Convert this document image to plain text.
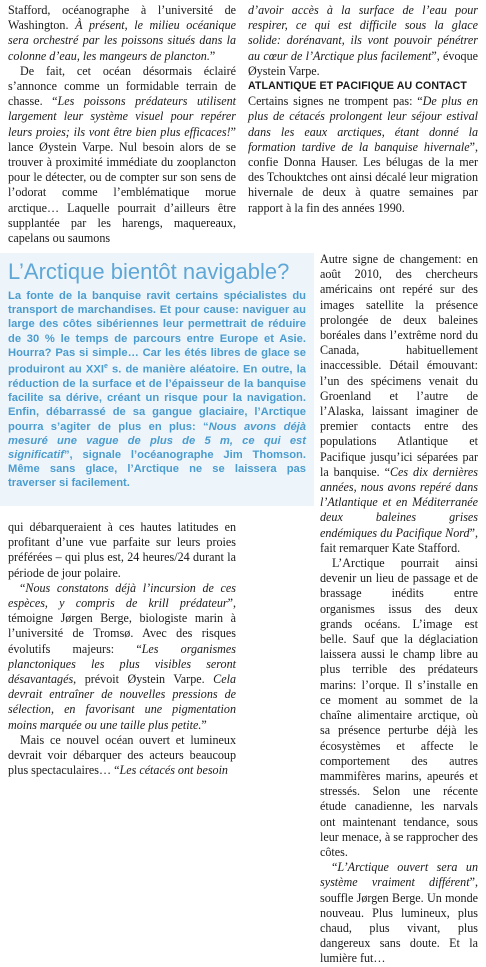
Stafford, océanographe à l’université de Washington. À présent, le milieu océanique sera orchestré par les poissons situés dans la colonne d’eau, les mangeurs de plancton.”

De fait, cet océan désormais éclairé s’annonce comme un formidable terrain de chasse. “Les poissons prédateurs utilisent largement leur système visuel pour repérer leurs proies; ils vont être bien plus efficaces!” lance Øystein Varpe. Nul besoin alors de se trouver à proximité immédiate du zooplancton pour le détecter, ou de compter sur son sens de l’odorat comme l’emblématique morue arctique… Laquelle pourrait d’ailleurs être supplantée par les harengs, maquereaux, capelans ou saumons

d’avoir accès à la surface de l’eau pour respirer, ce qui est difficile sous la glace solide: dorénavant, ils vont pouvoir pénétrer au cœur de l’Arctique plus facilement”, évoque Øystein Varpe.

ATLANTIQUE ET PACIFIQUE AU CONTACT

Certains signes ne trompent pas: “De plus en plus de cétacés prolongent leur séjour estival dans les eaux arctiques, étant donné la formation tardive de la banquise hivernale”, confie Donna Hauser. Les bélugas de la mer des Tchouktches ont ainsi décalé leur migration hivernale de deux à quatre semaines par rapport à la fin des années 1990.

L’Arctique bientôt navigable?

La fonte de la banquise ravit certains spécialistes du transport de marchandises. Et pour cause: naviguer au large des côtes sibériennes leur permettrait de réduire de 30 % le temps de parcours entre Europe et Asie. Hourra? Pas si simple… Car les étés libres de glace se produiront au XXIe s. de manière aléatoire. En outre, la réduction de la surface et de l’épaisseur de la banquise facilite sa dérive, créant un risque pour la navigation. Enfin, débarrassé de sa gangue glaciaire, l’Arctique pourra s’agiter de plus en plus: “Nous avons déjà mesuré une vague de plus de 5 m, ce qui est significatif”, signale l’océanographe Jim Thomson. Même sans glace, l’Arctique ne se laissera pas traverser si facilement.

Autre signe de changement: en août 2010, des chercheurs américains ont repéré sur des images satellite la présence prolongée de deux baleines boréales dans l’extrême nord du Canada, habituellement inaccessible. Détail émouvant: l’un des spécimens venait du Groenland et l’autre de l’Alaska, laissant imaginer de premier contacts entre des populations Atlantique et Pacifique jusqu’ici séparées par la banquise. “Ces dix dernières années, nous avons repéré dans l’Atlantique et en Méditerranée deux baleines grises endémiques du Pacifique Nord”, fait remarquer Kate Stafford.

L’Arctique pourrait ainsi devenir un lieu de passage et de brassage inédits entre organismes issus des deux grands océans. L’image est belle. Sauf que la déglaciation laissera aussi le champ libre au plus terrible des prédateurs marins: l’orque. Il s’installe en ce moment au sommet de la chaîne alimentaire arctique, où sa présence perturbe déjà les écosystèmes et affecte le comportement des autres mammifères marins, apeurés et stressés. Selon une récente étude canadienne, les narvals ont maintenant tendance, sous leur menace, à se rapprocher des côtes.

“L’Arctique ouvert sera un système vraiment différent”, souffle Jørgen Berge. Un monde nouveau. Plus lumineux, plus chaud, plus vivant, plus dangereux sans doute. Et la lumière fut…

qui débarqueraient à ces hautes latitudes en profitant d’une vue parfaite sur leurs proies préférées – qui plus est, 24 heures/24 durant la période de jour polaire.

“Nous constatons déjà l’incursion de ces espèces, y compris de krill prédateur”, témoigne Jørgen Berge, biologiste marin à l’université de Tromsø. Avec des risques évolutifs majeurs: “Les organismes planctoniques les plus visibles seront désavantagés, prévoit Øystein Varpe. Cela devrait entraîner de nouvelles pressions de sélection, en favorisant une pigmentation moins marquée ou une taille plus petite.”

Mais ce nouvel océan ouvert et lumineux devrait voir débarquer des acteurs beaucoup plus spectaculaires… “Les cétacés ont besoin
